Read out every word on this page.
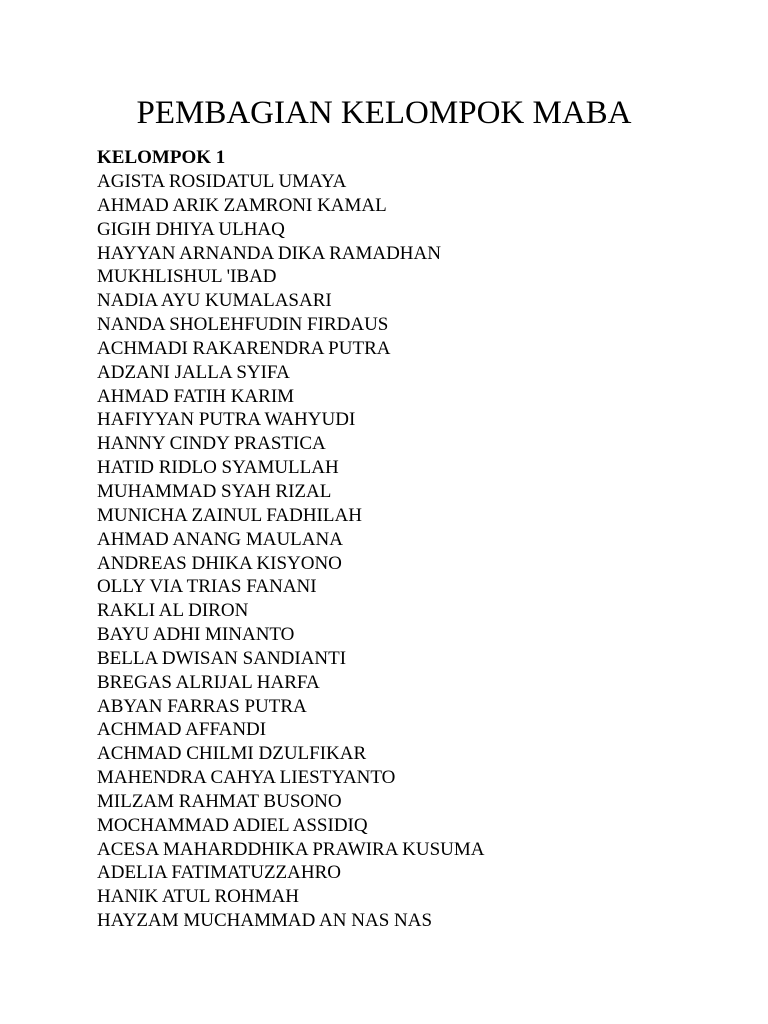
PEMBAGIAN KELOMPOK MABA
KELOMPOK 1
AGISTA ROSIDATUL UMAYA
AHMAD ARIK ZAMRONI KAMAL
GIGIH DHIYA ULHAQ
HAYYAN ARNANDA DIKA RAMADHAN
MUKHLISHUL 'IBAD
NADIA AYU KUMALASARI
NANDA SHOLEHFUDIN FIRDAUS
ACHMADI RAKARENDRA PUTRA
ADZANI JALLA SYIFA
AHMAD FATIH KARIM
HAFIYYAN PUTRA WAHYUDI
HANNY CINDY PRASTICA
HATID RIDLO SYAMULLAH
MUHAMMAD SYAH RIZAL
MUNICHA ZAINUL FADHILAH
AHMAD ANANG MAULANA
ANDREAS DHIKA KISYONO
OLLY VIA TRIAS FANANI
RAKLI AL DIRON
BAYU ADHI MINANTO
BELLA DWISAN SANDIANTI
BREGAS ALRIJAL HARFA
ABYAN FARRAS PUTRA
ACHMAD AFFANDI
ACHMAD CHILMI DZULFIKAR
MAHENDRA CAHYA LIESTYANTO
MILZAM RAHMAT BUSONO
MOCHAMMAD ADIEL ASSIDIQ
ACESA MAHARDDHIKA PRAWIRA KUSUMA
ADELIA FATIMATUZZAHRO
HANIK ATUL ROHMAH
HAYZAM MUCHAMMAD AN NAS NAS
